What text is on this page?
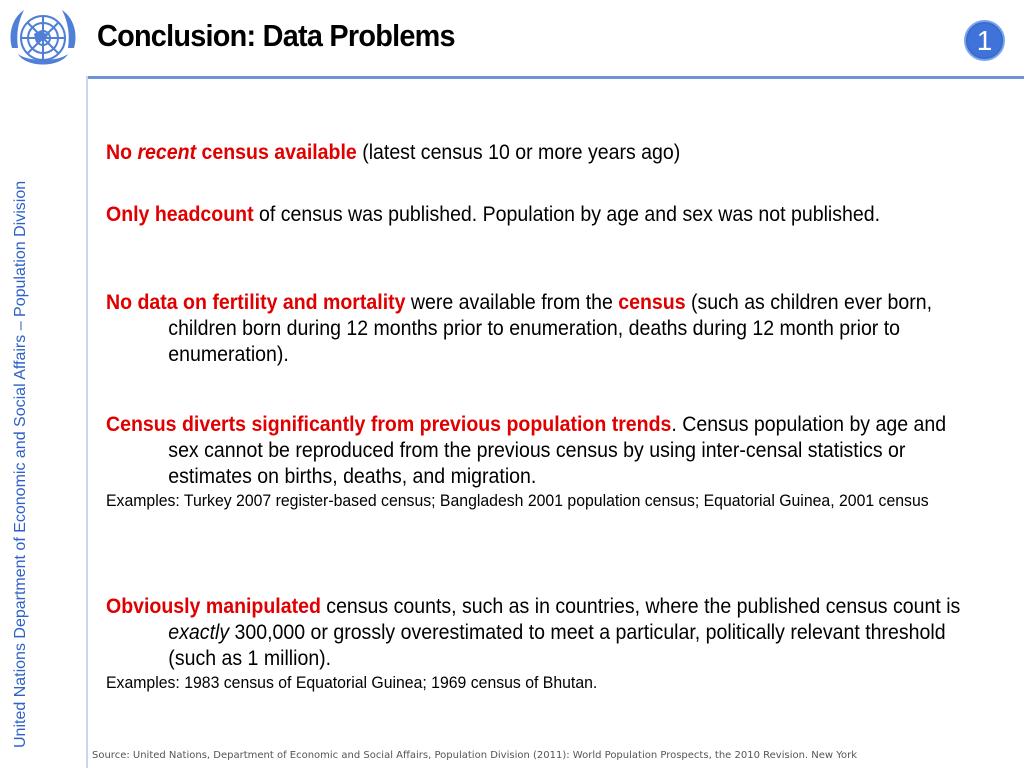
Conclusion: Data Problems	1
United Nations Department of Economic and Social Affairs – Population Division
No recent census available (latest census 10 or more years ago)
Only headcount of census was published. Population by age and sex was not published.
No data on fertility and mortality were available from the census (such as children ever born, children born during 12 months prior to enumeration, deaths during 12 month prior to enumeration).
Census diverts significantly from previous population trends. Census population by age and sex cannot be reproduced from the previous census by using inter-censal statistics or estimates on births, deaths, and migration.
Examples: Turkey 2007 register-based census; Bangladesh 2001 population census; Equatorial Guinea, 2001 census
Obviously manipulated census counts, such as in countries, where the published census count is exactly 300,000 or grossly overestimated to meet a particular, politically relevant threshold (such as 1 million).
Examples: 1983 census of Equatorial Guinea; 1969 census of Bhutan.
Source: United Nations, Department of Economic and Social Affairs, Population Division (2011): World Population Prospects, the 2010 Revision. New York
